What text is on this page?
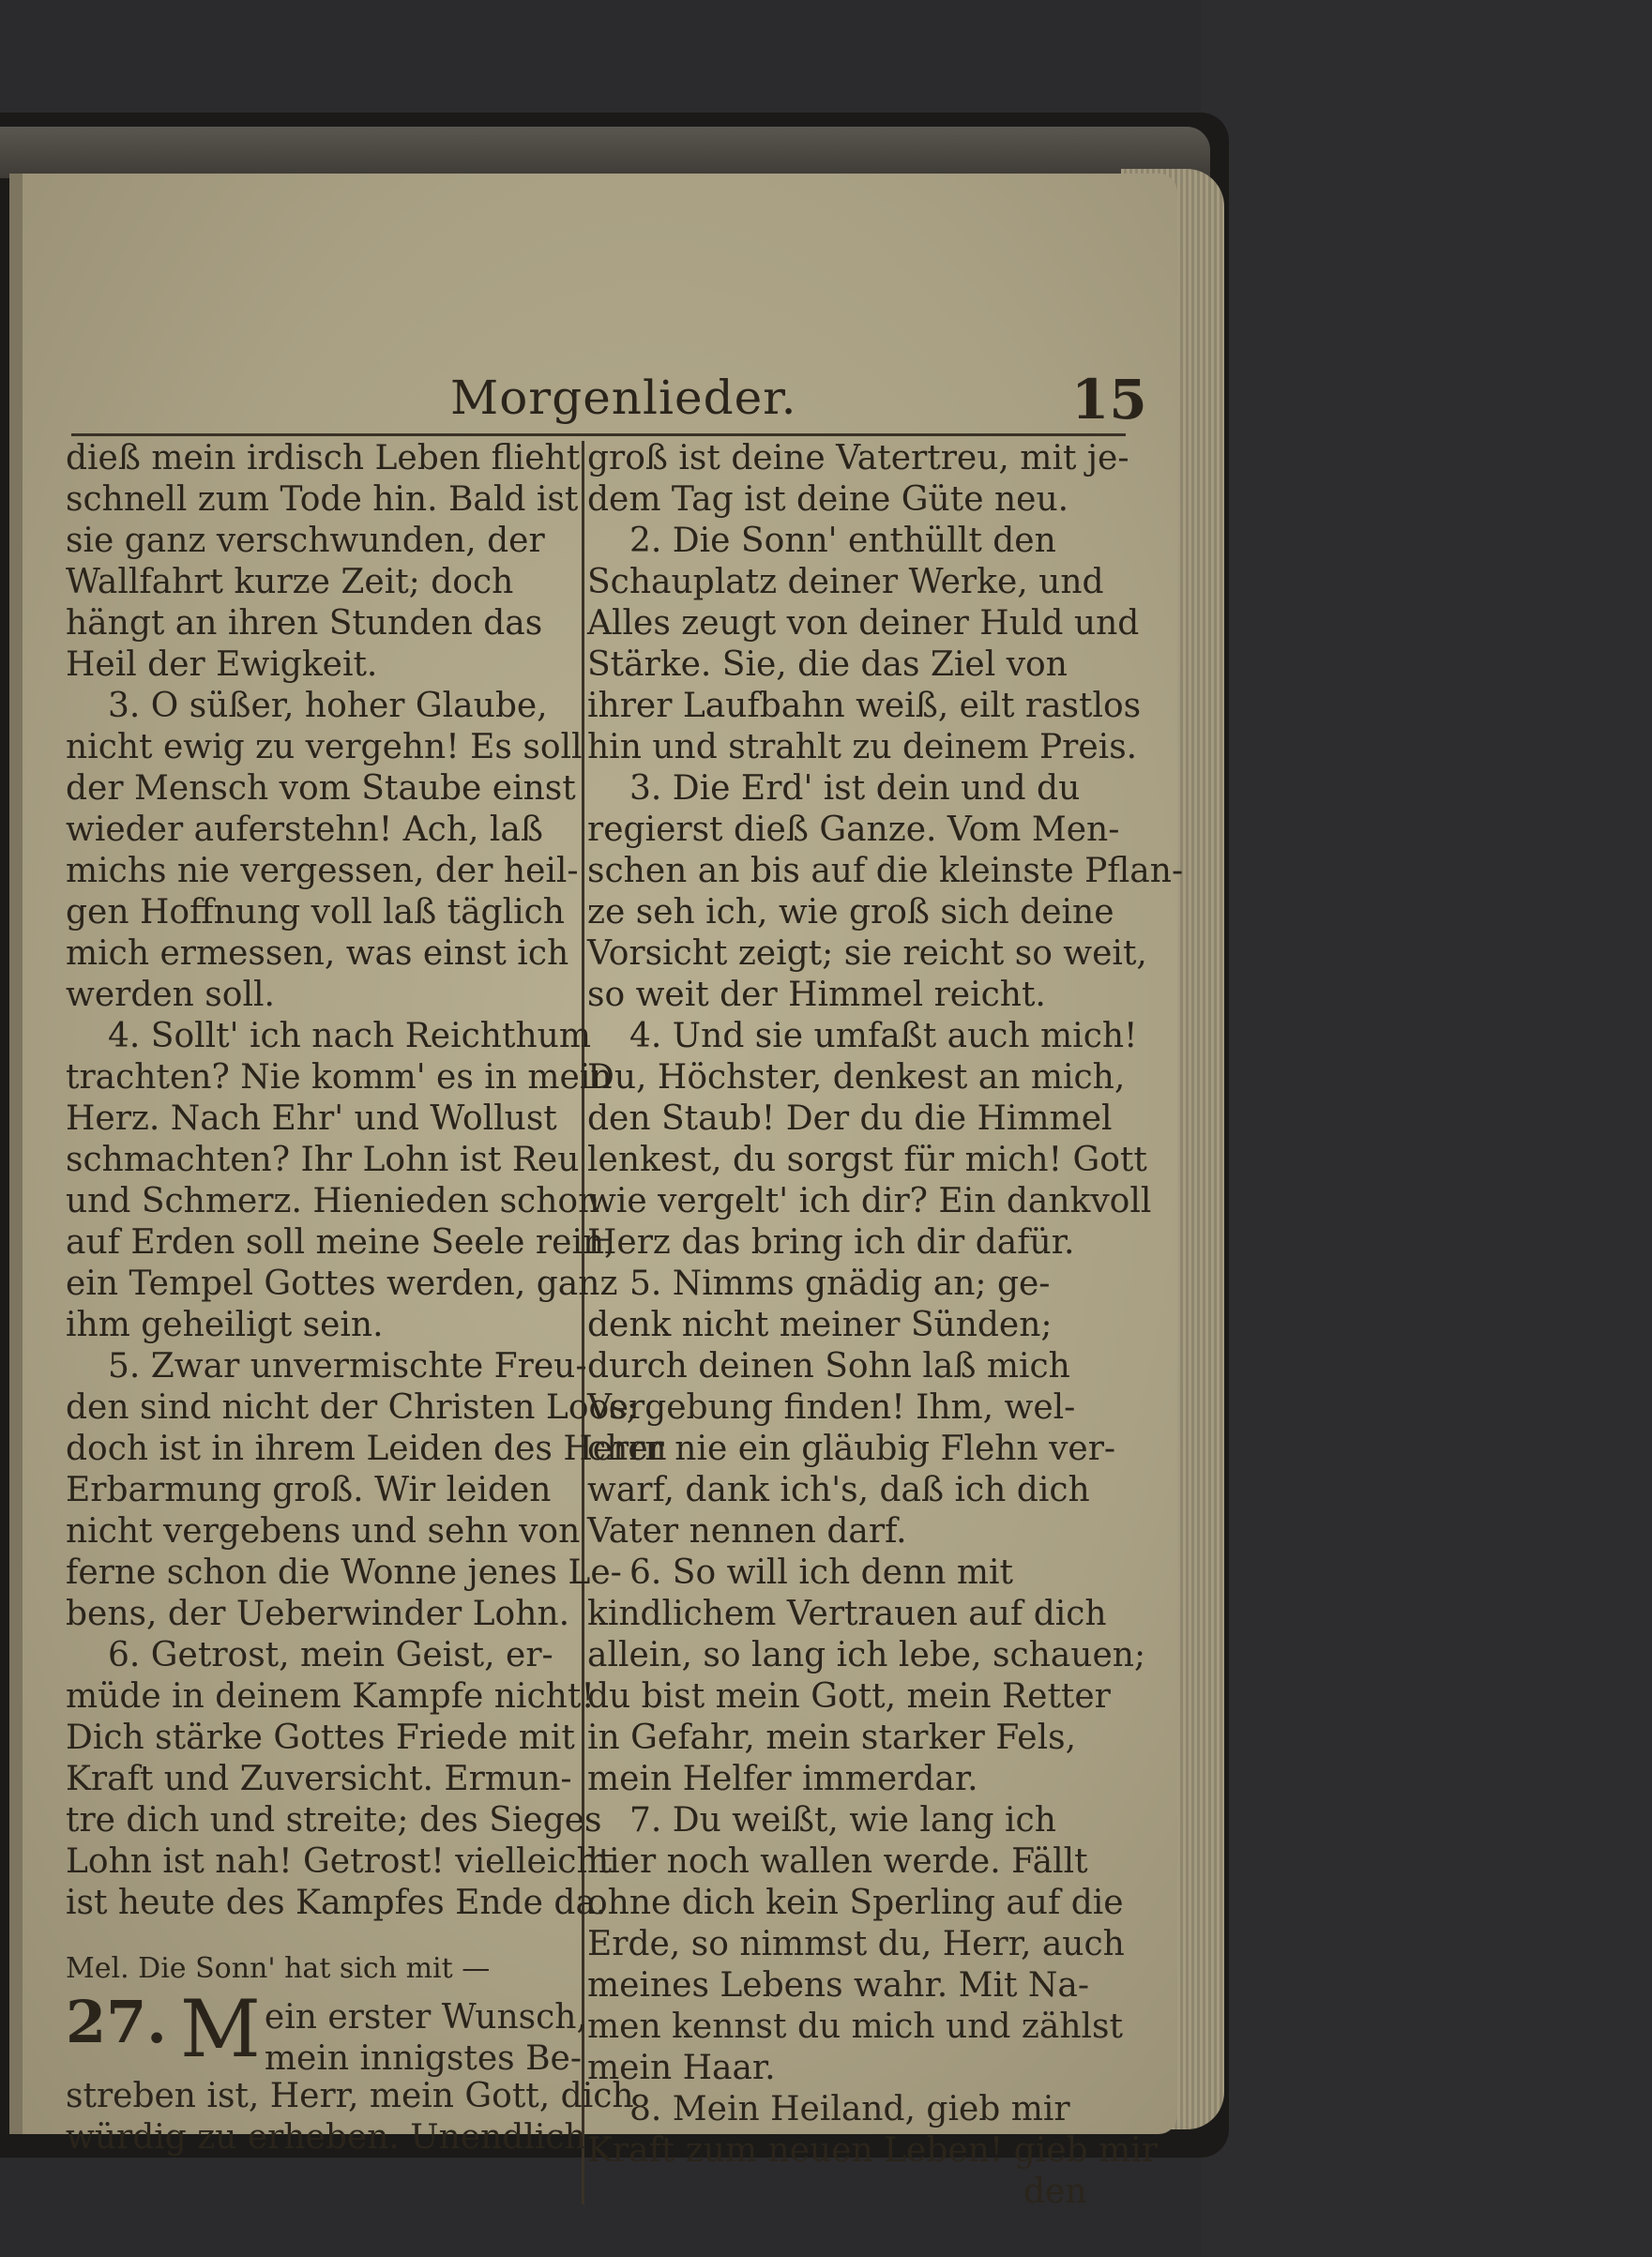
Morgenlieder.	15
dieß mein irdisch Leben flieht
schnell zum Tode hin. Bald ist
sie ganz verschwunden, der
Wallfahrt kurze Zeit; doch
hängt an ihren Stunden das
Heil der Ewigkeit.
3. O süßer, hoher Glaube,
nicht ewig zu vergehn! Es soll
der Mensch vom Staube einst
wieder auferstehn! Ach, laß
michs nie vergessen, der heil-
gen Hoffnung voll laß täglich
mich ermessen, was einst ich
werden soll.
4. Sollt' ich nach Reichthum
trachten? Nie komm' es in mein
Herz. Nach Ehr' und Wollust
schmachten? Ihr Lohn ist Reu
und Schmerz. Hienieden schon
auf Erden soll meine Seele rein,
ein Tempel Gottes werden, ganz
ihm geheiligt sein.
5. Zwar unvermischte Freu-
den sind nicht der Christen Loos;
doch ist in ihrem Leiden des Herrn
Erbarmung groß. Wir leiden
nicht vergebens und sehn von
ferne schon die Wonne jenes Le-
bens, der Ueberwinder Lohn.
6. Getrost, mein Geist, er-
müde in deinem Kampfe nicht!
Dich stärke Gottes Friede mit
Kraft und Zuversicht. Ermun-
tre dich und streite; des Sieges
Lohn ist nah! Getrost! vielleicht
ist heute des Kampfes Ende da.
Mel. Die Sonn' hat sich mit —
27. M ein erster Wunsch,
mein innigstes Be-
streben ist, Herr, mein Gott, dich
würdig zu erheben. Unendlich
groß ist deine Vatertreu, mit je-
dem Tag ist deine Güte neu.
2. Die Sonn' enthüllt den
Schauplatz deiner Werke, und
Alles zeugt von deiner Huld und
Stärke. Sie, die das Ziel von
ihrer Laufbahn weiß, eilt rastlos
hin und strahlt zu deinem Preis.
3. Die Erd' ist dein und du
regierst dieß Ganze. Vom Men-
schen an bis auf die kleinste Pflan-
ze seh ich, wie groß sich deine
Vorsicht zeigt; sie reicht so weit,
so weit der Himmel reicht.
4. Und sie umfaßt auch mich!
Du, Höchster, denkest an mich,
den Staub! Der du die Himmel
lenkest, du sorgst für mich! Gott
wie vergelt' ich dir? Ein dankvoll
Herz das bring ich dir dafür.
5. Nimms gnädig an; ge-
denk nicht meiner Sünden;
durch deinen Sohn laß mich
Vergebung finden! Ihm, wel-
cher nie ein gläubig Flehn ver-
warf, dank ich's, daß ich dich
Vater nennen darf.
6. So will ich denn mit
kindlichem Vertrauen auf dich
allein, so lang ich lebe, schauen;
du bist mein Gott, mein Retter
in Gefahr, mein starker Fels,
mein Helfer immerdar.
7. Du weißt, wie lang ich
hier noch wallen werde. Fällt
ohne dich kein Sperling auf die
Erde, so nimmst du, Herr, auch
meines Lebens wahr. Mit Na-
men kennst du mich und zählst
mein Haar.
8. Mein Heiland, gieb mir
Kraft zum neuen Leben! gieb mir
den
